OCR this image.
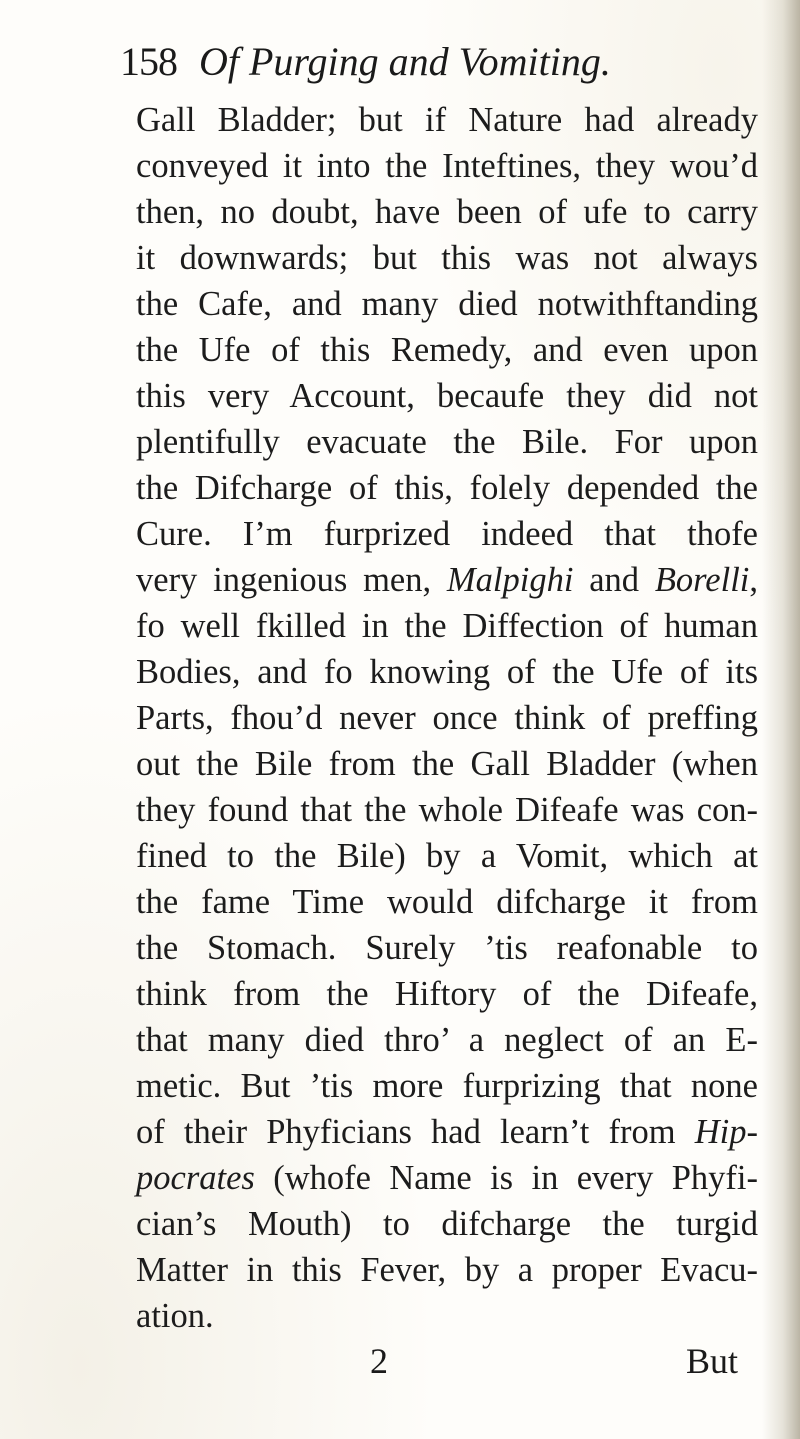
158 Of Purging and Vomiting.
Gall Bladder; but if Nature had already
conveyed it into the Inteftines, they wou’d
then, no doubt, have been of ufe to carry
it downwards; but this was not always
the Cafe, and many died notwithftanding
the Ufe of this Remedy, and even upon
this very Account, becaufe they did not
plentifully evacuate the Bile. For upon
the Difcharge of this, folely depended the
Cure. I’m furprized indeed that thofe
very ingenious men, Malpighi and Borelli,
fo well fkilled in the Diffection of human
Bodies, and fo knowing of the Ufe of its
Parts, fhou’d never once think of preffing
out the Bile from the Gall Bladder (when
they found that the whole Difeafe was con-
fined to the Bile) by a Vomit, which at
the fame Time would difcharge it from
the Stomach. Surely ’tis reafonable to
think from the Hiftory of the Difeafe,
that many died thro’ a neglect of an E-
metic. But ’tis more furprizing that none
of their Phyficians had learn’t from Hip-
pocrates (whofe Name is in every Phyfi-
cian’s Mouth) to difcharge the turgid
Matter in this Fever, by a proper Evacu-
ation.
2	But
